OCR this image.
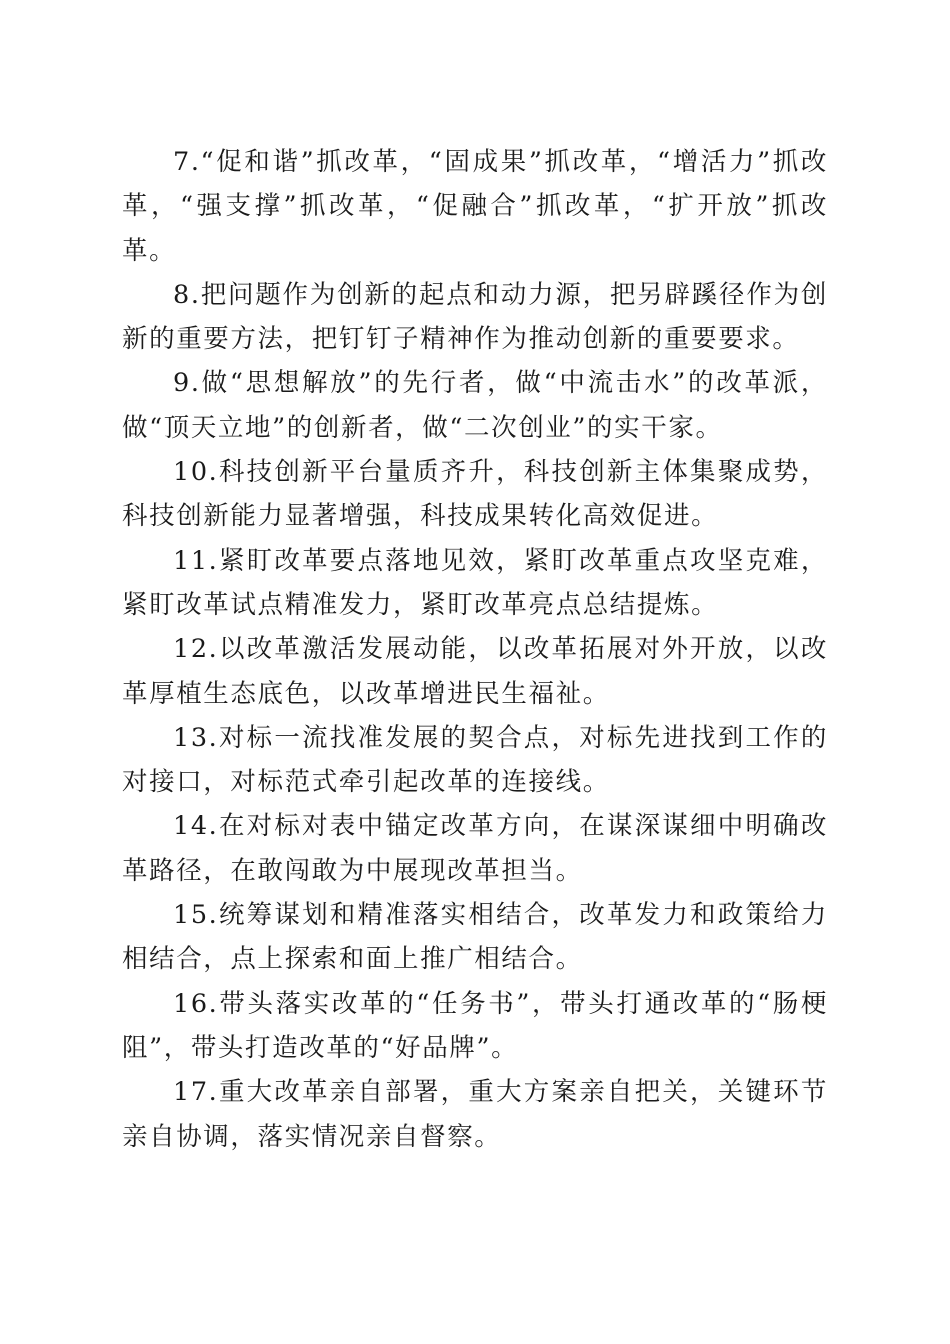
7.“促和谐”抓改革，“固成果”抓改革，“增活力”抓改革，“强支撑”抓改革，“促融合”抓改革，“扩开放”抓改革。

8.把问题作为创新的起点和动力源，把另辟蹊径作为创新的重要方法，把钉钉子精神作为推动创新的重要要求。

9.做“思想解放”的先行者，做“中流击水”的改革派，做“顶天立地”的创新者，做“二次创业”的实干家。

10.科技创新平台量质齐升，科技创新主体集聚成势，科技创新能力显著增强，科技成果转化高效促进。

11.紧盯改革要点落地见效，紧盯改革重点攻坚克难，紧盯改革试点精准发力，紧盯改革亮点总结提炼。

12.以改革激活发展动能，以改革拓展对外开放，以改革厚植生态底色，以改革增进民生福祉。

13.对标一流找准发展的契合点，对标先进找到工作的对接口，对标范式牵引起改革的连接线。

14.在对标对表中锚定改革方向，在谋深谋细中明确改革路径，在敢闯敢为中展现改革担当。

15.统筹谋划和精准落实相结合，改革发力和政策给力相结合，点上探索和面上推广相结合。

16.带头落实改革的“任务书”，带头打通改革的“肠梗阻”，带头打造改革的“好品牌”。

17.重大改革亲自部署，重大方案亲自把关，关键环节亲自协调，落实情况亲自督察。
